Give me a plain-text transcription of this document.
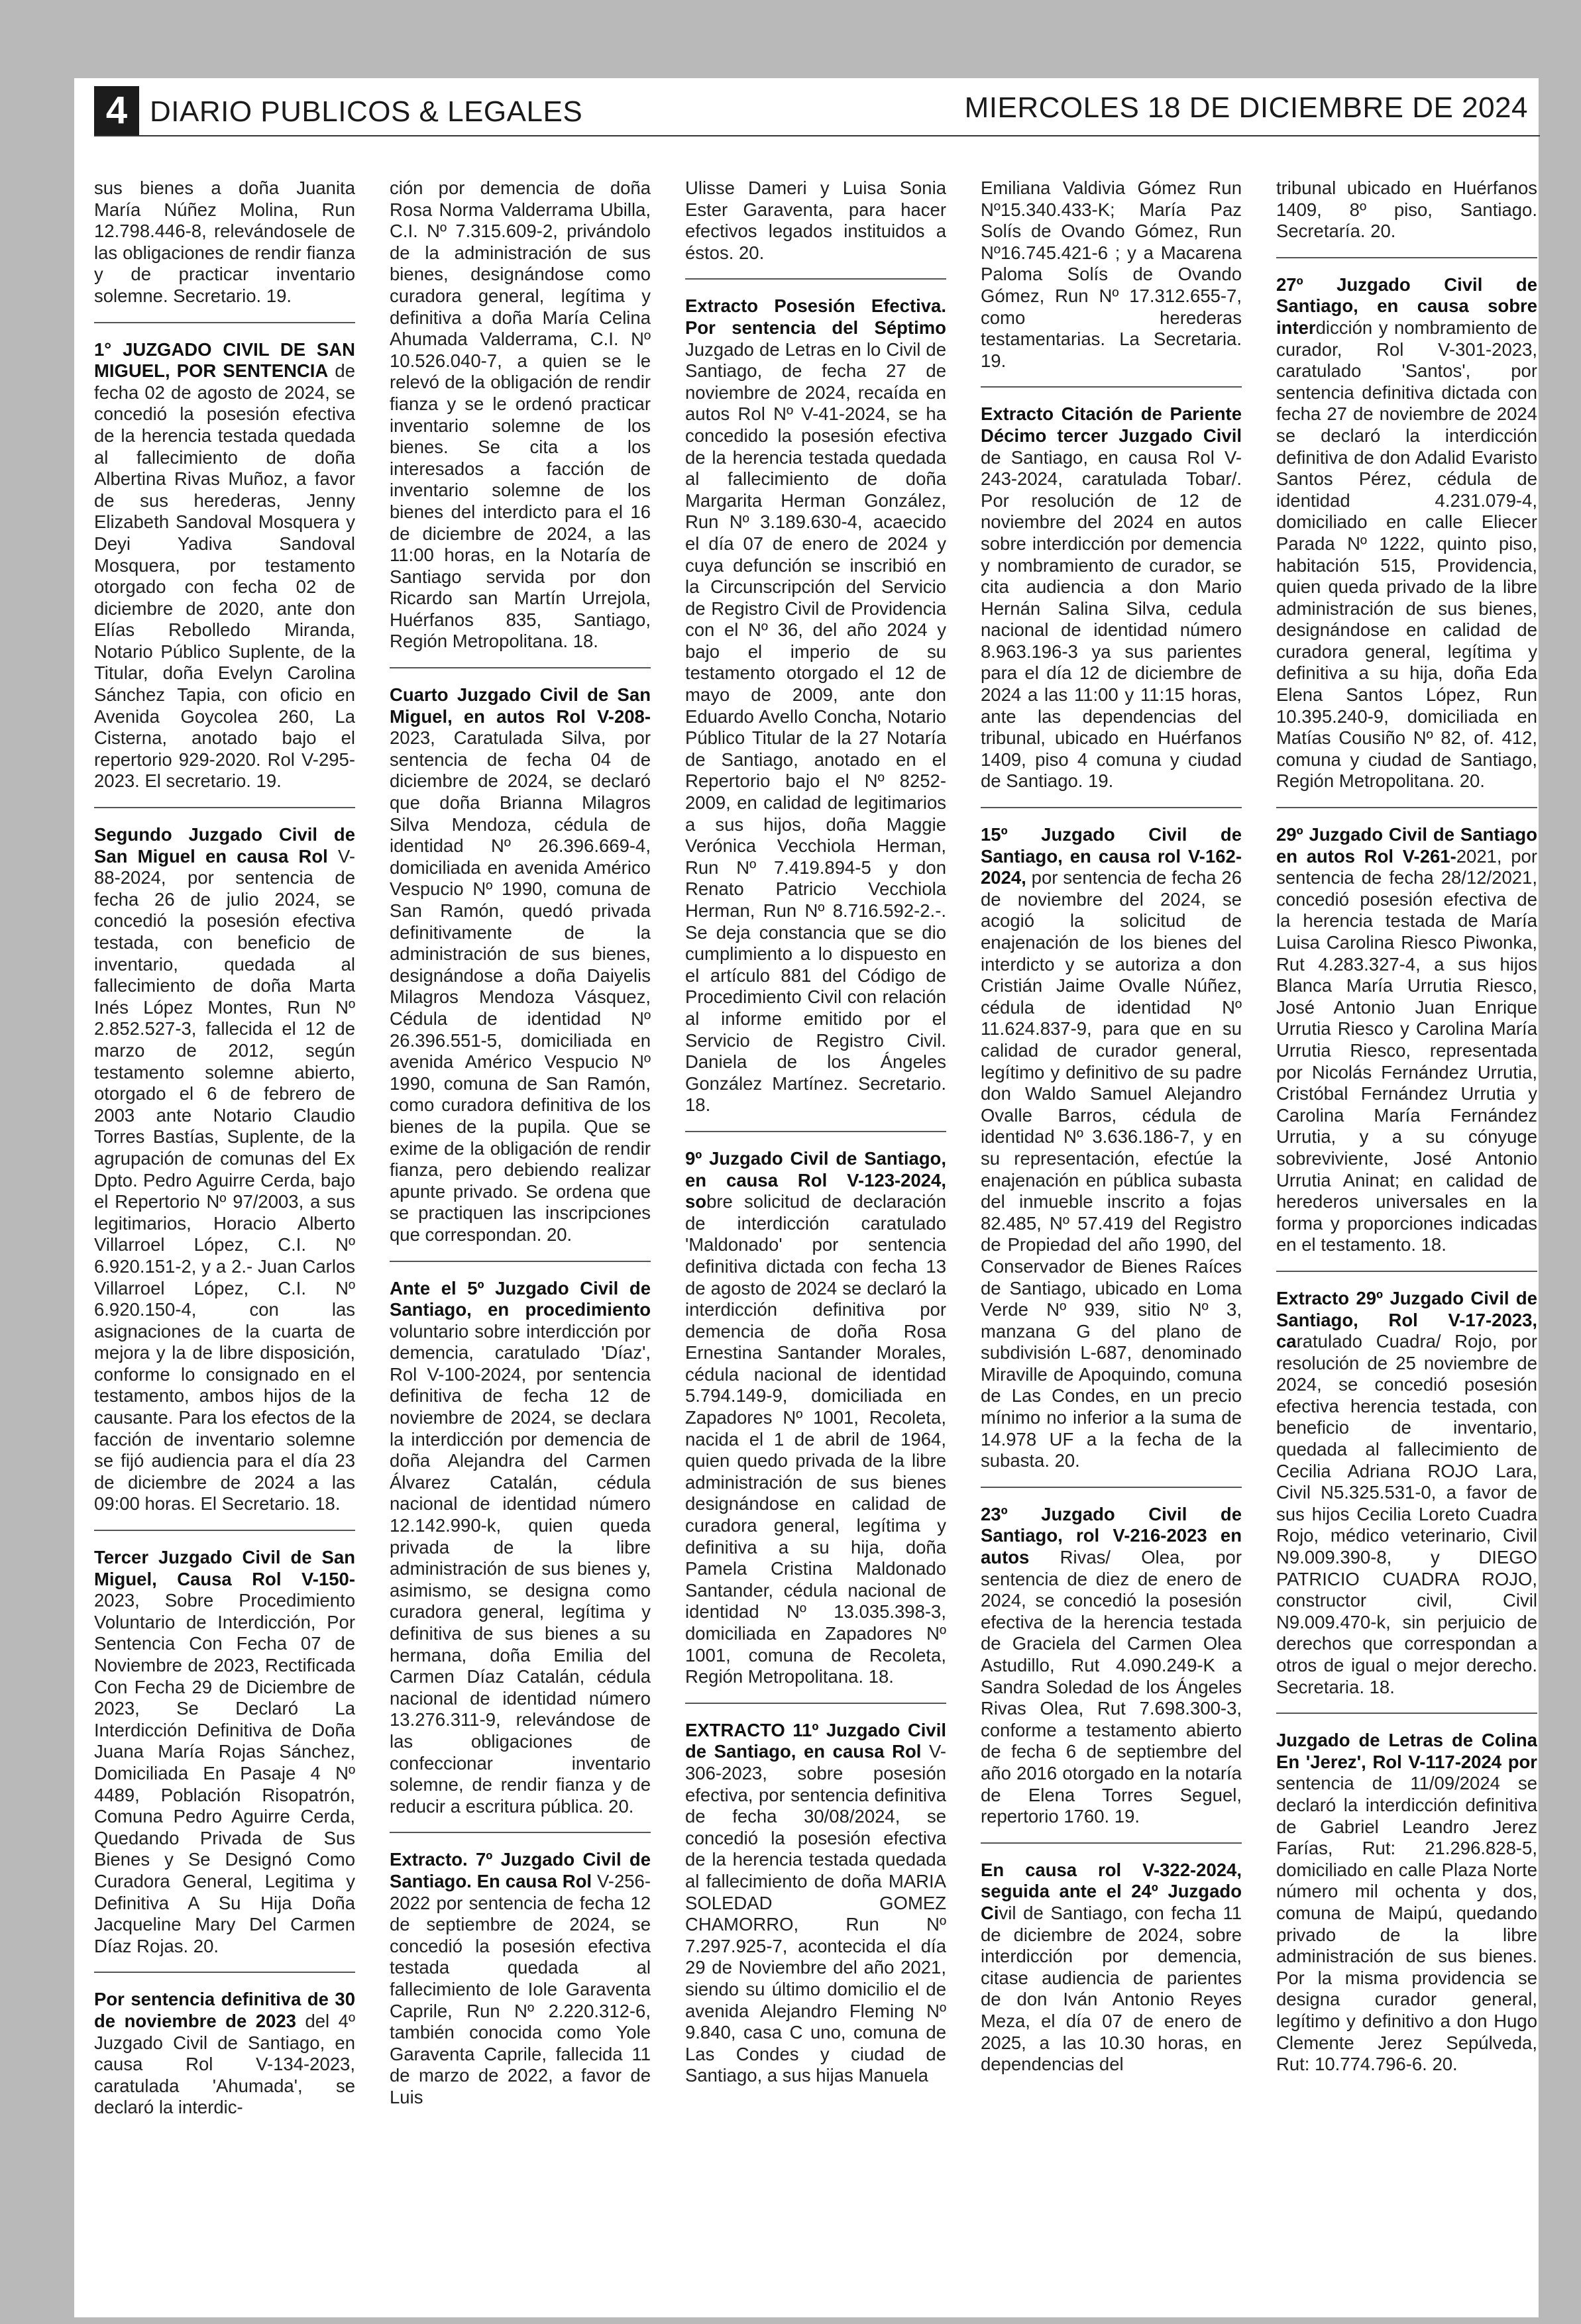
4 DIARIO PUBLICOS & LEGALES	MIERCOLES 18 DE DICIEMBRE DE 2024
sus bienes a doña Juanita María Núñez Molina, Run 12.798.446-8, relevándosele de las obligaciones de rendir fianza y de practicar inventario solemne. Secretario. 19.
1° JUZGADO CIVIL DE SAN MIGUEL, POR SENTENCIA de fecha 02 de agosto de 2024, se concedió la posesión efectiva de la herencia testada quedada al fallecimiento de doña Albertina Rivas Muñoz, a favor de sus herederas, Jenny Elizabeth Sandoval Mosquera y Deyi Yadiva Sandoval Mosquera, por testamento otorgado con fecha 02 de diciembre de 2020, ante don Elías Rebolledo Miranda, Notario Público Suplente, de la Titular, doña Evelyn Carolina Sánchez Tapia, con oficio en Avenida Goycolea 260, La Cisterna, anotado bajo el repertorio 929-2020. Rol V-295-2023. El secretario. 19.
Segundo Juzgado Civil de San Miguel en causa Rol V-88-2024, por sentencia de fecha 26 de julio 2024, se concedió la posesión efectiva testada, con beneficio de inventario, quedada al fallecimiento de doña Marta Inés López Montes, Run Nº 2.852.527-3, fallecida el 12 de marzo de 2012, según testamento solemne abierto, otorgado el 6 de febrero de 2003 ante Notario Claudio Torres Bastías, Suplente, de la agrupación de comunas del Ex Dpto. Pedro Aguirre Cerda, bajo el Repertorio Nº 97/2003, a sus legitimarios, Horacio Alberto Villarroel López, C.I. Nº 6.920.151-2, y a 2.- Juan Carlos Villarroel López, C.I. Nº 6.920.150-4, con las asignaciones de la cuarta de mejora y la de libre disposición, conforme lo consignado en el testamento, ambos hijos de la causante. Para los efectos de la facción de inventario solemne se fijó audiencia para el día 23 de diciembre de 2024 a las 09:00 horas. El Secretario. 18.
Tercer Juzgado Civil de San Miguel, Causa Rol V-150-2023, Sobre Procedimiento Voluntario de Interdicción, Por Sentencia Con Fecha 07 de Noviembre de 2023, Rectificada Con Fecha 29 de Diciembre de 2023, Se Declaró La Interdicción Definitiva de Doña Juana María Rojas Sánchez, Domiciliada En Pasaje 4 Nº 4489, Población Risopatrón, Comuna Pedro Aguirre Cerda, Quedando Privada de Sus Bienes y Se Designó Como Curadora General, Legitima y Definitiva A Su Hija Doña Jacqueline Mary Del Carmen Díaz Rojas. 20.
Por sentencia definitiva de 30 de noviembre de 2023 del 4º Juzgado Civil de Santiago, en causa Rol V-134-2023, caratulada 'Ahumada', se declaró la interdic-
ción por demencia de doña Rosa Norma Valderrama Ubilla, C.I. Nº 7.315.609-2, privándolo de la administración de sus bienes, designándose como curadora general, legítima y definitiva a doña María Celina Ahumada Valderrama, C.I. Nº 10.526.040-7, a quien se le relevó de la obligación de rendir fianza y se le ordenó practicar inventario solemne de los bienes. Se cita a los interesados a facción de inventario solemne de los bienes del interdicto para el 16 de diciembre de 2024, a las 11:00 horas, en la Notaría de Santiago servida por don Ricardo san Martín Urrejola, Huérfanos 835, Santiago, Región Metropolitana. 18.
Cuarto Juzgado Civil de San Miguel, en autos Rol V-208-2023, Caratulada Silva, por sentencia de fecha 04 de diciembre de 2024, se declaró que doña Brianna Milagros Silva Mendoza, cédula de identidad Nº 26.396.669-4, domiciliada en avenida Américo Vespucio Nº 1990, comuna de San Ramón, quedó privada definitivamente de la administración de sus bienes, designándose a doña Daiyelis Milagros Mendoza Vásquez, Cédula de identidad Nº 26.396.551-5, domiciliada en avenida Américo Vespucio Nº 1990, comuna de San Ramón, como curadora definitiva de los bienes de la pupila. Que se exime de la obligación de rendir fianza, pero debiendo realizar apunte privado. Se ordena que se practiquen las inscripciones que correspondan. 20.
Ante el 5º Juzgado Civil de Santiago, en procedimiento voluntario sobre interdicción por demencia, caratulado 'Díaz', Rol V-100-2024, por sentencia definitiva de fecha 12 de noviembre de 2024, se declara la interdicción por demencia de doña Alejandra del Carmen Álvarez Catalán, cédula nacional de identidad número 12.142.990-k, quien queda privada de la libre administración de sus bienes y, asimismo, se designa como curadora general, legítima y definitiva de sus bienes a su hermana, doña Emilia del Carmen Díaz Catalán, cédula nacional de identidad número 13.276.311-9, relevándose de las obligaciones de confeccionar inventario solemne, de rendir fianza y de reducir a escritura pública. 20.
Extracto. 7º Juzgado Civil de Santiago. En causa Rol V-256-2022 por sentencia de fecha 12 de septiembre de 2024, se concedió la posesión efectiva testada quedada al fallecimiento de Iole Garaventa Caprile, Run Nº 2.220.312-6, también conocida como Yole Garaventa Caprile, fallecida 11 de marzo de 2022, a favor de Luis
Ulisse Dameri y Luisa Sonia Ester Garaventa, para hacer efectivos legados instituidos a éstos. 20.
Extracto Posesión Efectiva. Por sentencia del Séptimo Juzgado de Letras en lo Civil de Santiago, de fecha 27 de noviembre de 2024, recaída en autos Rol Nº V-41-2024, se ha concedido la posesión efectiva de la herencia testada quedada al fallecimiento de doña Margarita Herman González, Run Nº 3.189.630-4, acaecido el día 07 de enero de 2024 y cuya defunción se inscribió en la Circunscripción del Servicio de Registro Civil de Providencia con el Nº 36, del año 2024 y bajo el imperio de su testamento otorgado el 12 de mayo de 2009, ante don Eduardo Avello Concha, Notario Público Titular de la 27 Notaría de Santiago, anotado en el Repertorio bajo el Nº 8252-2009, en calidad de legitimarios a sus hijos, doña Maggie Verónica Vecchiola Herman, Run Nº 7.419.894-5 y don Renato Patricio Vecchiola Herman, Run Nº 8.716.592-2.-. Se deja constancia que se dio cumplimiento a lo dispuesto en el artículo 881 del Código de Procedimiento Civil con relación al informe emitido por el Servicio de Registro Civil. Daniela de los Ángeles González Martínez. Secretario. 18.
9º Juzgado Civil de Santiago, en causa Rol V-123-2024, sobre solicitud de declaración de interdicción caratulado 'Maldonado' por sentencia definitiva dictada con fecha 13 de agosto de 2024 se declaró la interdicción definitiva por demencia de doña Rosa Ernestina Santander Morales, cédula nacional de identidad 5.794.149-9, domiciliada en Zapadores Nº 1001, Recoleta, nacida el 1 de abril de 1964, quien quedo privada de la libre administración de sus bienes designándose en calidad de curadora general, legítima y definitiva a su hija, doña Pamela Cristina Maldonado Santander, cédula nacional de identidad Nº 13.035.398-3, domiciliada en Zapadores Nº 1001, comuna de Recoleta, Región Metropolitana. 18.
EXTRACTO 11º Juzgado Civil de Santiago, en causa Rol V-306-2023, sobre posesión efectiva, por sentencia definitiva de fecha 30/08/2024, se concedió la posesión efectiva de la herencia testada quedada al fallecimiento de doña MARIA SOLEDAD GOMEZ CHAMORRO, Run Nº 7.297.925-7, acontecida el día 29 de Noviembre del año 2021, siendo su último domicilio el de avenida Alejandro Fleming Nº 9.840, casa C uno, comuna de Las Condes y ciudad de Santiago, a sus hijas Manuela
Emiliana Valdivia Gómez Run Nº15.340.433-K; María Paz Solís de Ovando Gómez, Run Nº16.745.421-6 ; y a Macarena Paloma Solís de Ovando Gómez, Run Nº 17.312.655-7, como herederas testamentarias. La Secretaria. 19.
Extracto Citación de Pariente Décimo tercer Juzgado Civil de Santiago, en causa Rol V-243-2024, caratulada Tobar/. Por resolución de 12 de noviembre del 2024 en autos sobre interdicción por demencia y nombramiento de curador, se cita audiencia a don Mario Hernán Salina Silva, cedula nacional de identidad número 8.963.196-3 ya sus parientes para el día 12 de diciembre de 2024 a las 11:00 y 11:15 horas, ante las dependencias del tribunal, ubicado en Huérfanos 1409, piso 4 comuna y ciudad de Santiago. 19.
15º Juzgado Civil de Santiago, en causa rol V-162-2024, por sentencia de fecha 26 de noviembre del 2024, se acogió la solicitud de enajenación de los bienes del interdicto y se autoriza a don Cristián Jaime Ovalle Núñez, cédula de identidad Nº 11.624.837-9, para que en su calidad de curador general, legítimo y definitivo de su padre don Waldo Samuel Alejandro Ovalle Barros, cédula de identidad Nº 3.636.186-7, y en su representación, efectúe la enajenación en pública subasta del inmueble inscrito a fojas 82.485, Nº 57.419 del Registro de Propiedad del año 1990, del Conservador de Bienes Raíces de Santiago, ubicado en Loma Verde Nº 939, sitio Nº 3, manzana G del plano de subdivisión L-687, denominado Miraville de Apoquindo, comuna de Las Condes, en un precio mínimo no inferior a la suma de 14.978 UF a la fecha de la subasta. 20.
23º Juzgado Civil de Santiago, rol V-216-2023 en autos Rivas/ Olea, por sentencia de diez de enero de 2024, se concedió la posesión efectiva de la herencia testada de Graciela del Carmen Olea Astudillo, Rut 4.090.249-K a Sandra Soledad de los Ángeles Rivas Olea, Rut 7.698.300-3, conforme a testamento abierto de fecha 6 de septiembre del año 2016 otorgado en la notaría de Elena Torres Seguel, repertorio 1760. 19.
En causa rol V-322-2024, seguida ante el 24º Juzgado Civil de Santiago, con fecha 11 de diciembre de 2024, sobre interdicción por demencia, citase audiencia de parientes de don Iván Antonio Reyes Meza, el día 07 de enero de 2025, a las 10.30 horas, en dependencias del
tribunal ubicado en Huérfanos 1409, 8º piso, Santiago. Secretaría. 20.
27º Juzgado Civil de Santiago, en causa sobre interdicción y nombramiento de curador, Rol V-301-2023, caratulado 'Santos', por sentencia definitiva dictada con fecha 27 de noviembre de 2024 se declaró la interdicción definitiva de don Adalid Evaristo Santos Pérez, cédula de identidad 4.231.079-4, domiciliado en calle Eliecer Parada Nº 1222, quinto piso, habitación 515, Providencia, quien queda privado de la libre administración de sus bienes, designándose en calidad de curadora general, legítima y definitiva a su hija, doña Eda Elena Santos López, Run 10.395.240-9, domiciliada en Matías Cousiño Nº 82, of. 412, comuna y ciudad de Santiago, Región Metropolitana. 20.
29º Juzgado Civil de Santiago en autos Rol V-261-2021, por sentencia de fecha 28/12/2021, concedió posesión efectiva de la herencia testada de María Luisa Carolina Riesco Piwonka, Rut 4.283.327-4, a sus hijos Blanca María Urrutia Riesco, José Antonio Juan Enrique Urrutia Riesco y Carolina María Urrutia Riesco, representada por Nicolás Fernández Urrutia, Cristóbal Fernández Urrutia y Carolina María Fernández Urrutia, y a su cónyuge sobreviviente, José Antonio Urrutia Aninat; en calidad de herederos universales en la forma y proporciones indicadas en el testamento. 18.
Extracto 29º Juzgado Civil de Santiago, Rol V-17-2023, caratulado Cuadra/ Rojo, por resolución de 25 noviembre de 2024, se concedió posesión efectiva herencia testada, con beneficio de inventario, quedada al fallecimiento de Cecilia Adriana ROJO Lara, Civil N5.325.531-0, a favor de sus hijos Cecilia Loreto Cuadra Rojo, médico veterinario, Civil N9.009.390-8, y DIEGO PATRICIO CUADRA ROJO, constructor civil, Civil N9.009.470-k, sin perjuicio de derechos que correspondan a otros de igual o mejor derecho. Secretaria. 18.
Juzgado de Letras de Colina En 'Jerez', Rol V-117-2024 por sentencia de 11/09/2024 se declaró la interdicción definitiva de Gabriel Leandro Jerez Farías, Rut: 21.296.828-5, domiciliado en calle Plaza Norte número mil ochenta y dos, comuna de Maipú, quedando privado de la libre administración de sus bienes. Por la misma providencia se designa curador general, legítimo y definitivo a don Hugo Clemente Jerez Sepúlveda, Rut: 10.774.796-6. 20.
